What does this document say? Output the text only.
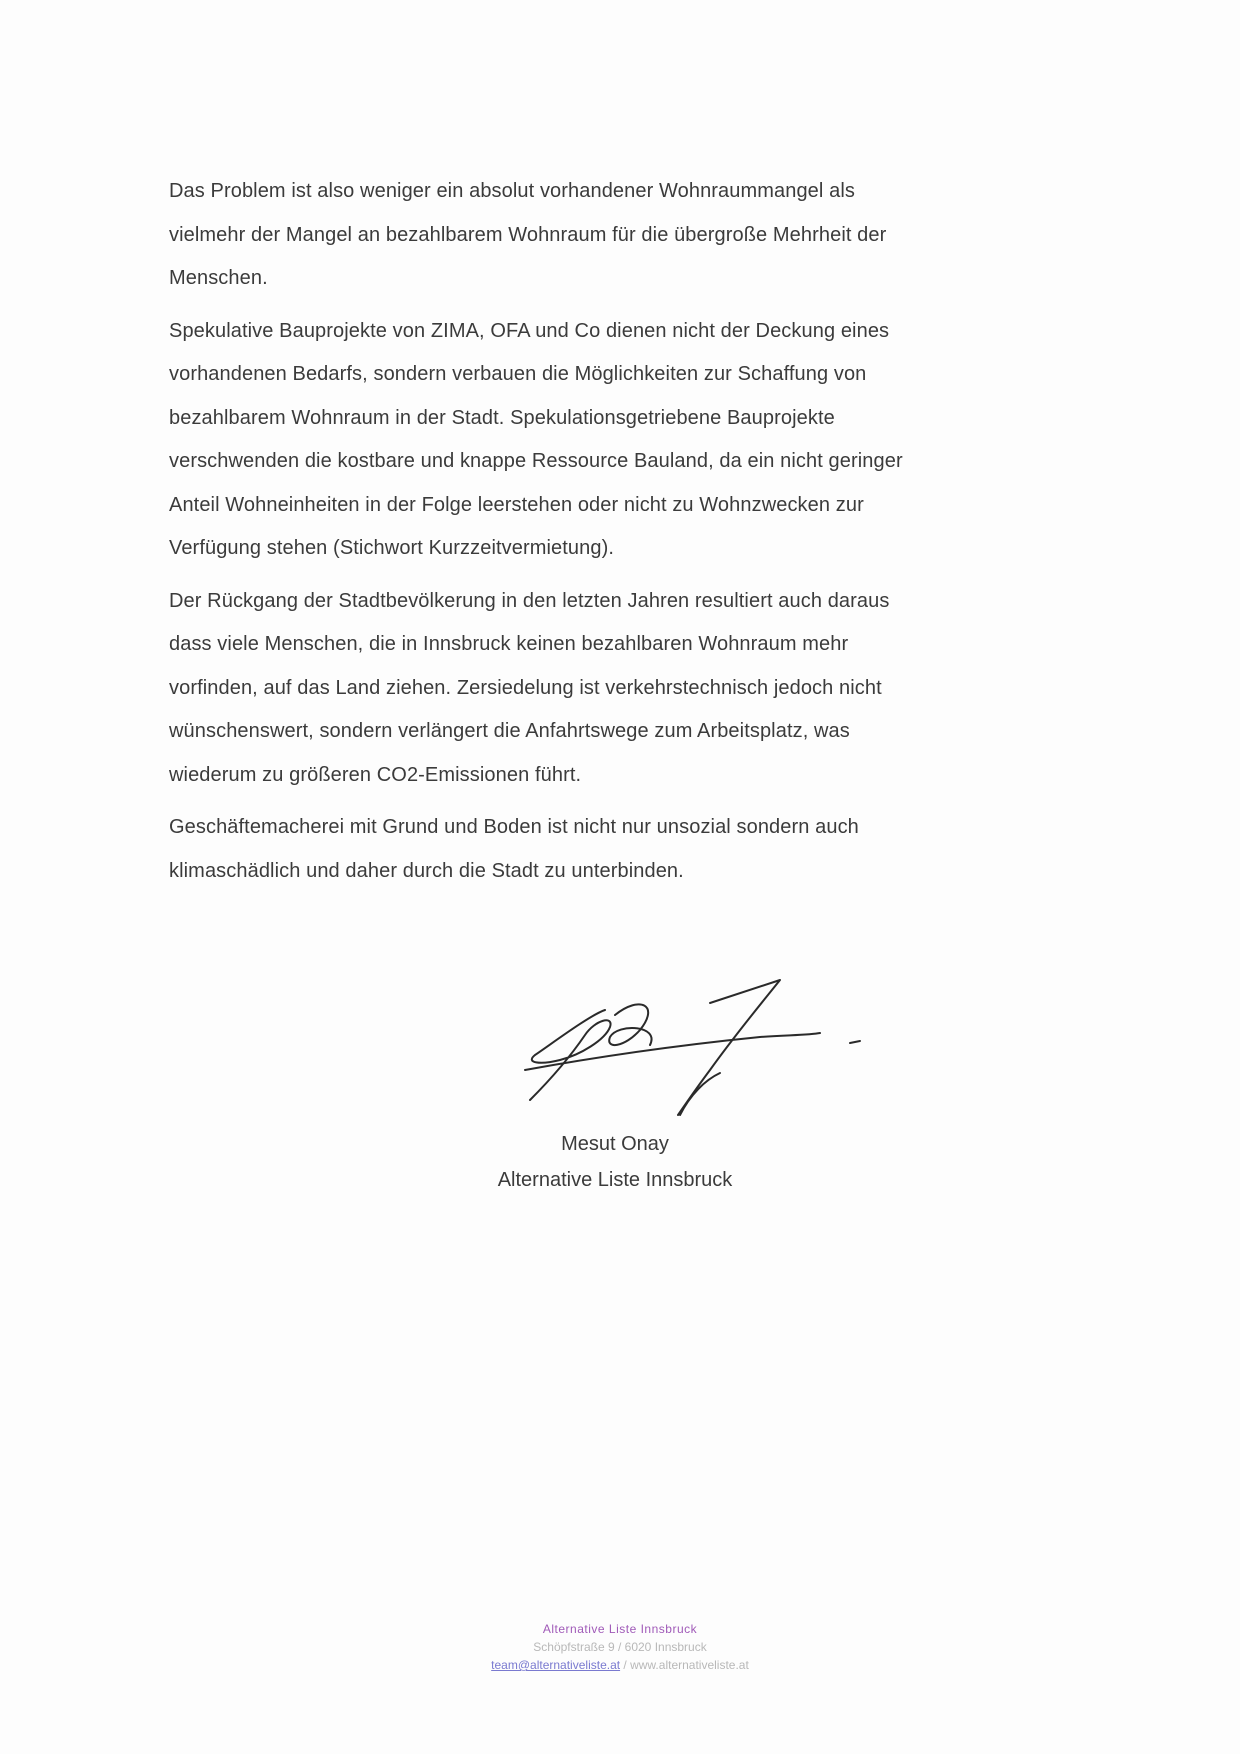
Das Problem ist also weniger ein absolut vorhandener Wohnraummangel als
vielmehr der Mangel an bezahlbarem Wohnraum für die übergroße Mehrheit der
Menschen.

Spekulative Bauprojekte von ZIMA, OFA und Co dienen nicht der Deckung eines
vorhandenen Bedarfs, sondern verbauen die Möglichkeiten zur Schaffung von
bezahlbarem Wohnraum in der Stadt. Spekulationsgetriebene Bauprojekte
verschwenden die kostbare und knappe Ressource Bauland, da ein nicht geringer
Anteil Wohneinheiten in der Folge leerstehen oder nicht zu Wohnzwecken zur
Verfügung stehen (Stichwort Kurzzeitvermietung).

Der Rückgang der Stadtbevölkerung in den letzten Jahren resultiert auch daraus
dass viele Menschen, die in Innsbruck keinen bezahlbaren Wohnraum mehr
vorfinden, auf das Land ziehen. Zersiedelung ist verkehrstechnisch jedoch nicht
wünschenswert, sondern verlängert die Anfahrtswege zum Arbeitsplatz, was
wiederum zu größeren CO2-Emissionen führt.

Geschäftemacherei mit Grund und Boden ist nicht nur unsozial sondern auch
klimaschädlich und daher durch die Stadt zu unterbinden.

Mesut Onay
Alternative Liste Innsbruck
Alternative Liste Innsbruck
Schöpfstraße 9 / 6020 Innsbruck
team@alternativeliste.at / www.alternativeliste.at
